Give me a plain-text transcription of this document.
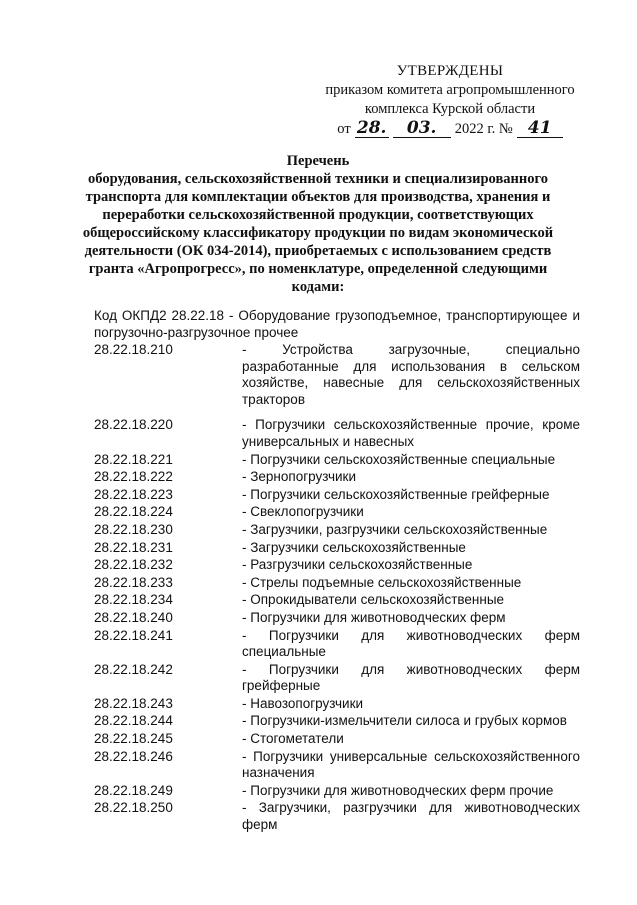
УТВЕРЖДЕНЫ
приказом комитета агропромышленного
комплекса Курской области
от 28.	03.	2022 г. № 41
Перечень
оборудования, сельскохозяйственной техники и специализированного транспорта для комплектации объектов для производства, хранения и переработки сельскохозяйственной продукции, соответствующих общероссийскому классификатору продукции по видам экономической деятельности (ОК 034-2014), приобретаемых с использованием средств гранта «Агропрогресс», по номенклатуре, определенной следующими кодами:
Код ОКПД2 28.22.18 - Оборудование грузоподъемное, транспортирующее и погрузочно-разгрузочное прочее
28.22.18.210	- Устройства загрузочные, специально разработанные для использования в сельском хозяйстве, навесные для сельскохозяйственных тракторов
28.22.18.220	- Погрузчики сельскохозяйственные прочие, кроме универсальных и навесных
28.22.18.221	- Погрузчики сельскохозяйственные специальные
28.22.18.222	- Зернопогрузчики
28.22.18.223	- Погрузчики сельскохозяйственные грейферные
28.22.18.224	- Свеклопогрузчики
28.22.18.230	- Загрузчики, разгрузчики сельскохозяйственные
28.22.18.231	- Загрузчики сельскохозяйственные
28.22.18.232	- Разгрузчики сельскохозяйственные
28.22.18.233	- Стрелы подъемные сельскохозяйственные
28.22.18.234	- Опрокидыватели сельскохозяйственные
28.22.18.240	- Погрузчики для животноводческих ферм
28.22.18.241	- Погрузчики для животноводческих ферм специальные
28.22.18.242	- Погрузчики для животноводческих ферм грейферные
28.22.18.243	- Навозопогрузчики
28.22.18.244	- Погрузчики-измельчители силоса и грубых кормов
28.22.18.245	- Стогометатели
28.22.18.246	- Погрузчики универсальные сельскохозяйственного назначения
28.22.18.249	- Погрузчики для животноводческих ферм прочие
28.22.18.250	- Загрузчики, разгрузчики для животноводческих ферм
